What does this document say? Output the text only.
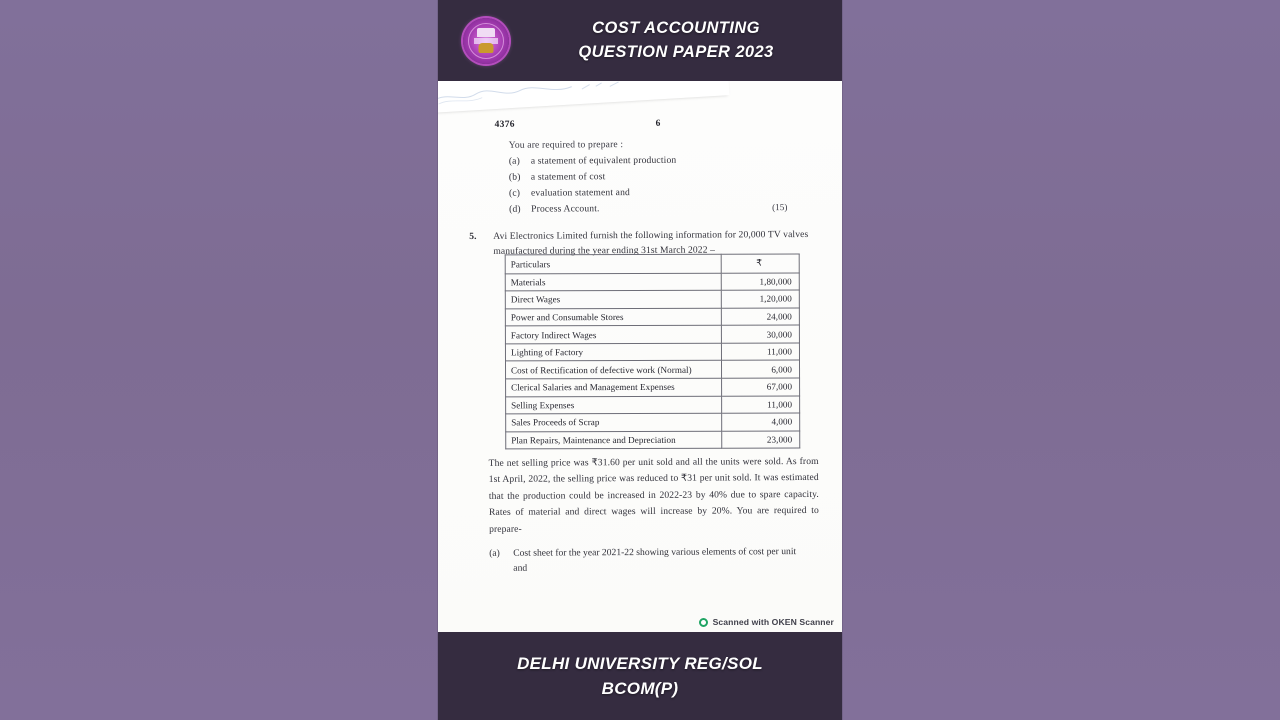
COST ACCOUNTING
QUESTION PAPER 2023
4376	6
You are required to prepare :
(a) a statement of equivalent production
(b) a statement of cost
(c) evaluation statement and
(d) Process Account.	(15)
5. Avi Electronics Limited furnish the following information for 20,000 TV valves manufactured during the year ending 31st March 2022 –
Particulars	₹
Materials	1,80,000
Direct Wages	1,20,000
Power and Consumable Stores	24,000
Factory Indirect Wages	30,000
Lighting of Factory	11,000
Cost of Rectification of defective work (Normal)	6,000
Clerical Salaries and Management Expenses	67,000
Selling Expenses	11,000
Sales Proceeds of Scrap	4,000
Plan Repairs, Maintenance and Depreciation	23,000
The net selling price was ₹31.60 per unit sold and all the units were sold. As from 1st April, 2022, the selling price was reduced to ₹31 per unit sold. It was estimated that the production could be increased in 2022-23 by 40% due to spare capacity. Rates of material and direct wages will increase by 20%. You are required to prepare-
(a) Cost sheet for the year 2021-22 showing various elements of cost per unit
and
Scanned with OKEN Scanner
DELHI UNIVERSITY REG/SOL
BCOM(P)
